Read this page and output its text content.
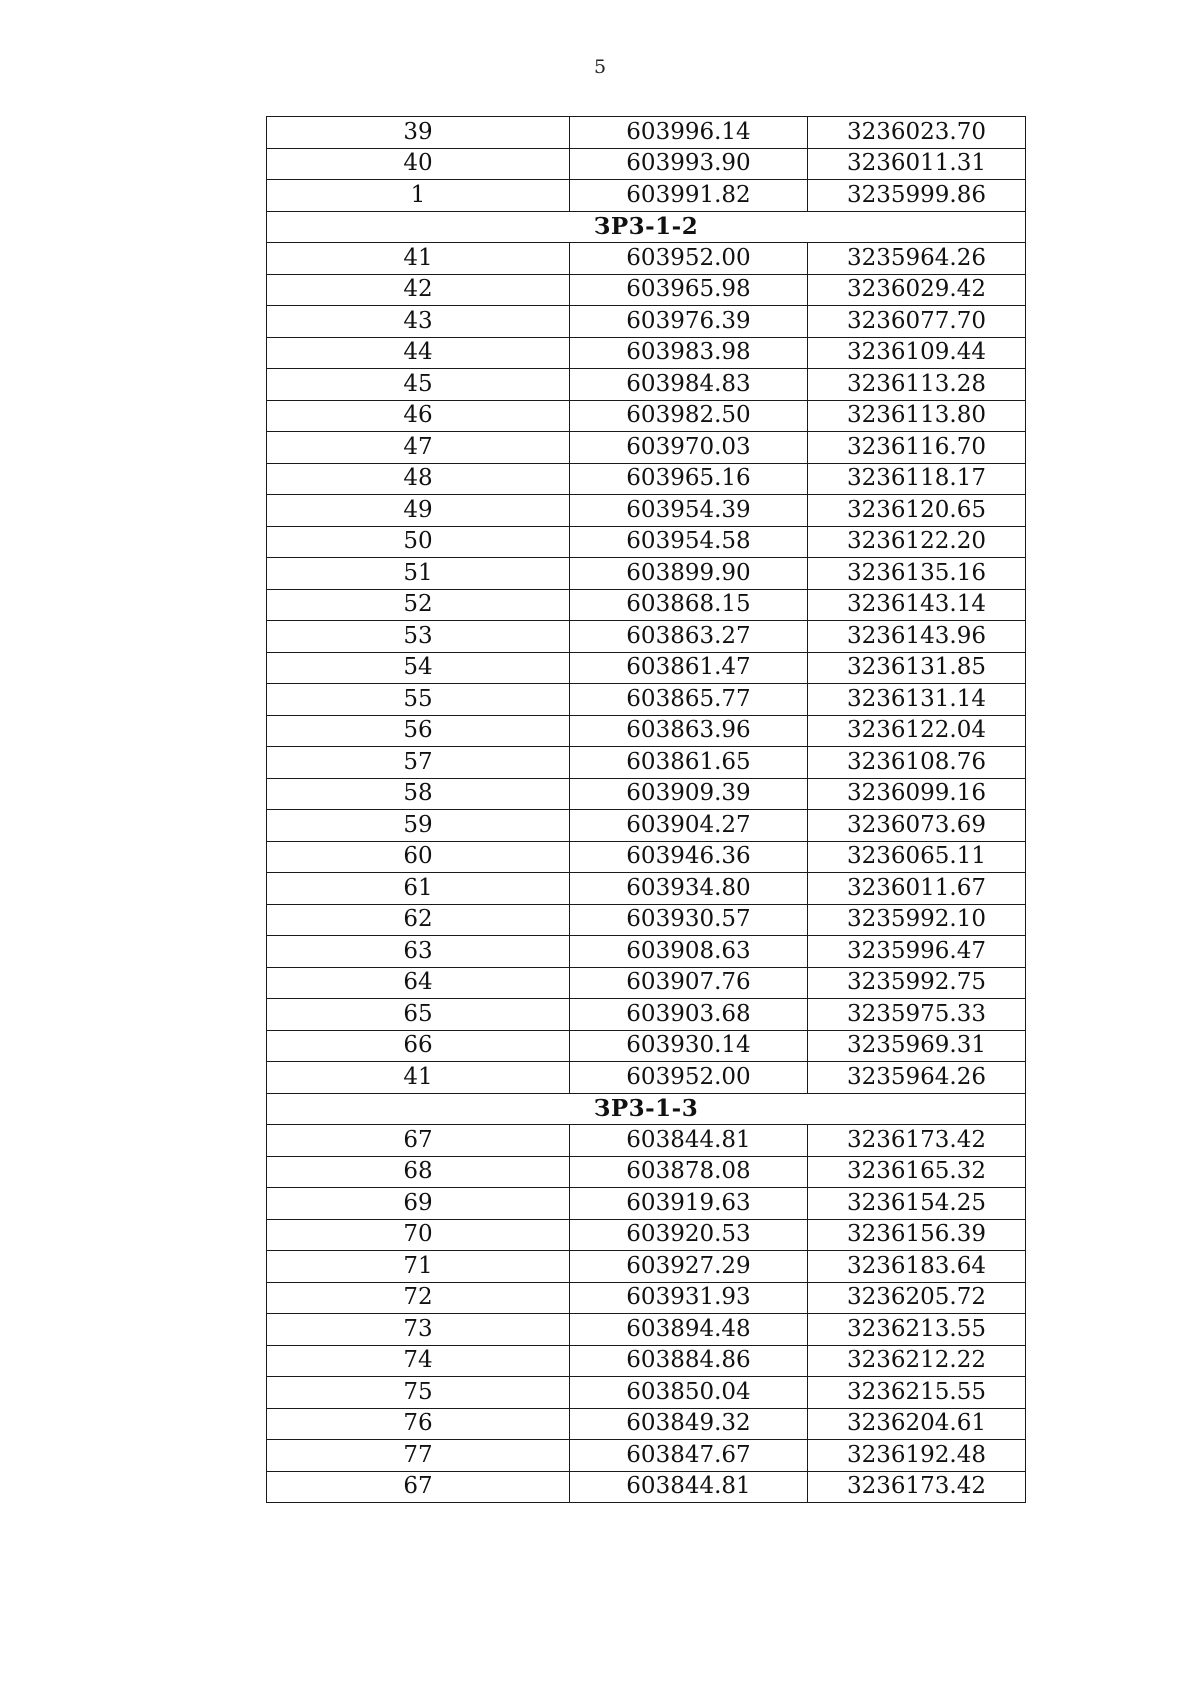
5
39	603996.14	3236023.70
40	603993.90	3236011.31
1	603991.82	3235999.86
ЗР3-1-2		
41	603952.00	3235964.26
42	603965.98	3236029.42
43	603976.39	3236077.70
44	603983.98	3236109.44
45	603984.83	3236113.28
46	603982.50	3236113.80
47	603970.03	3236116.70
48	603965.16	3236118.17
49	603954.39	3236120.65
50	603954.58	3236122.20
51	603899.90	3236135.16
52	603868.15	3236143.14
53	603863.27	3236143.96
54	603861.47	3236131.85
55	603865.77	3236131.14
56	603863.96	3236122.04
57	603861.65	3236108.76
58	603909.39	3236099.16
59	603904.27	3236073.69
60	603946.36	3236065.11
61	603934.80	3236011.67
62	603930.57	3235992.10
63	603908.63	3235996.47
64	603907.76	3235992.75
65	603903.68	3235975.33
66	603930.14	3235969.31
41	603952.00	3235964.26
ЗР3-1-3		
67	603844.81	3236173.42
68	603878.08	3236165.32
69	603919.63	3236154.25
70	603920.53	3236156.39
71	603927.29	3236183.64
72	603931.93	3236205.72
73	603894.48	3236213.55
74	603884.86	3236212.22
75	603850.04	3236215.55
76	603849.32	3236204.61
77	603847.67	3236192.48
67	603844.81	3236173.42
